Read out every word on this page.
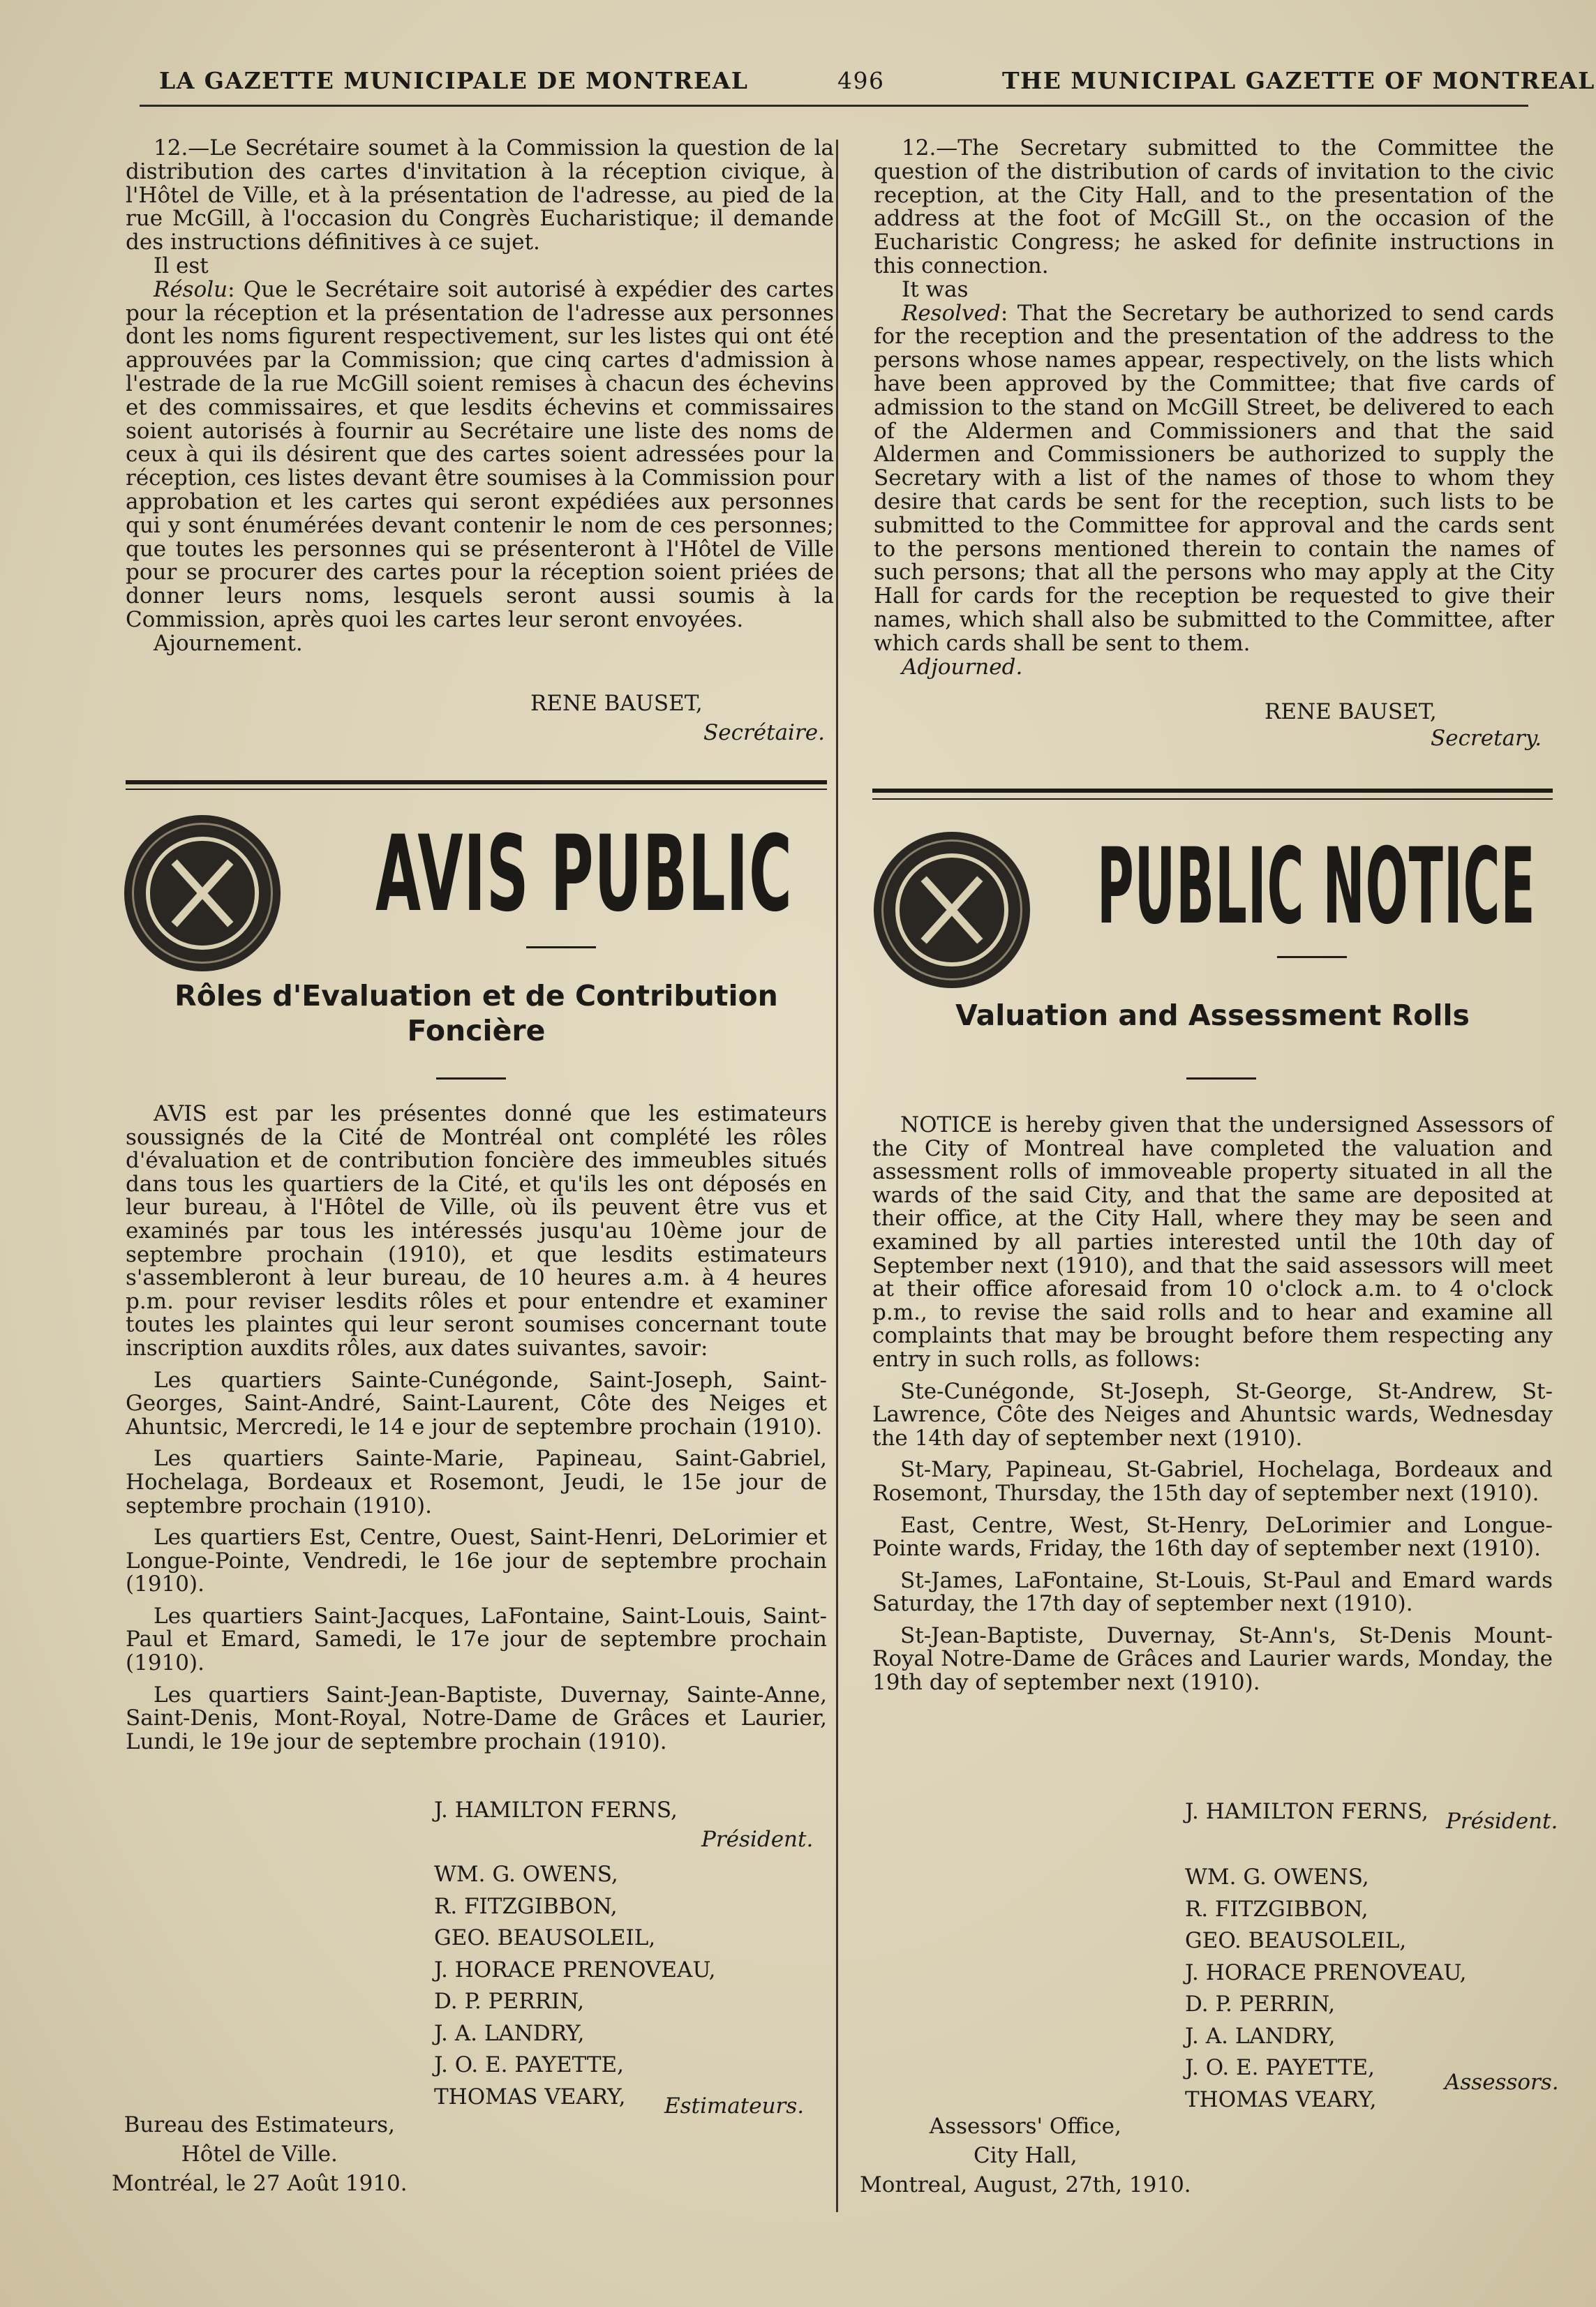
LA GAZETTE MUNICIPALE DE MONTREAL	496	THE MUNICIPAL GAZETTE OF MONTREAL

12.—Le Secrétaire soumet à la Commission la question de la distribution des cartes d'invitation à la réception civique, à l'Hôtel de Ville, et à la présentation de l'adresse, au pied de la rue McGill, à l'occasion du Congrès Eucharistique; il demande des instructions définitives à ce sujet.

Il est

Résolu: Que le Secrétaire soit autorisé à expédier des cartes pour la réception et la présentation de l'adresse aux personnes dont les noms figurent respectivement, sur les listes qui ont été approuvées par la Commission; que cinq cartes d'admission à l'estrade de la rue McGill soient remises à chacun des échevins et des commissaires, et que lesdits échevins et commissaires soient autorisés à fournir au Secrétaire une liste des noms de ceux à qui ils désirent que des cartes soient adressées pour la réception, ces listes devant être soumises à la Commission pour approbation et les cartes qui seront expédiées aux personnes qui y sont énumérées devant contenir le nom de ces personnes; que toutes les personnes qui se présenteront à l'Hôtel de Ville pour se procurer des cartes pour la réception soient priées de donner leurs noms, lesquels seront aussi soumis à la Commission, après quoi les cartes leur seront envoyées.

Ajournement.

RENE BAUSET,
Secrétaire.

12.—The Secretary submitted to the Committee the question of the distribution of cards of invitation to the civic reception, at the City Hall, and to the presentation of the address at the foot of McGill St., on the occasion of the Eucharistic Congress; he asked for definite instructions in this connection.

It was

Resolved: That the Secretary be authorized to send cards for the reception and the presentation of the address to the persons whose names appear, respectively, on the lists which have been approved by the Committee; that five cards of admission to the stand on McGill Street, be delivered to each of the Aldermen and Commissioners and that the said Aldermen and Commissioners be authorized to supply the Secretary with a list of the names of those to whom they desire that cards be sent for the reception, such lists to be submitted to the Committee for approval and the cards sent to the persons mentioned therein to contain the names of such persons; that all the persons who may apply at the City Hall for cards for the reception be requested to give their names, which shall also be submitted to the Committee, after which cards shall be sent to them.

Adjourned.

RENE BAUSET,
Secretary.
AVIS PUBLIC
Rôles d'Evaluation et de Contribution Foncière
PUBLIC NOTICE
Valuation and Assessment Rolls

AVIS est par les présentes donné que les estimateurs soussignés de la Cité de Montréal ont complété les rôles d'évaluation et de contribution foncière des immeubles situés dans tous les quartiers de la Cité, et qu'ils les ont déposés en leur bureau, à l'Hôtel de Ville, où ils peuvent être vus et examinés par tous les intéressés jusqu'au 10ème jour de septembre prochain (1910), et que lesdits estimateurs s'assembleront à leur bureau, de 10 heures a.m. à 4 heures p.m. pour reviser lesdits rôles et pour entendre et examiner toutes les plaintes qui leur seront soumises concernant toute inscription auxdits rôles, aux dates suivantes, savoir:

Les quartiers Sainte-Cunégonde, Saint-Joseph, Saint-Georges, Saint-André, Saint-Laurent, Côte des Neiges et Ahuntsic, Mercredi, le 14 e jour de septembre prochain (1910).

Les quartiers Sainte-Marie, Papineau, Saint-Gabriel, Hochelaga, Bordeaux et Rosemont, Jeudi, le 15e jour de septembre prochain (1910).

Les quartiers Est, Centre, Ouest, Saint-Henri, DeLorimier et Longue-Pointe, Vendredi, le 16e jour de septembre prochain (1910).

Les quartiers Saint-Jacques, LaFontaine, Saint-Louis, Saint-Paul et Emard, Samedi, le 17e jour de septembre prochain (1910).

Les quartiers Saint-Jean-Baptiste, Duvernay, Sainte-Anne, Saint-Denis, Mont-Royal, Notre-Dame de Grâces et Laurier, Lundi, le 19e jour de septembre prochain (1910).

NOTICE is hereby given that the undersigned Assessors of the City of Montreal have completed the valuation and assessment rolls of immoveable property situated in all the wards of the said City, and that the same are deposited at their office, at the City Hall, where they may be seen and examined by all parties interested until the 10th day of September next (1910), and that the said assessors will meet at their office aforesaid from 10 o'clock a.m. to 4 o'clock p.m., to revise the said rolls and to hear and examine all complaints that may be brought before them respecting any entry in such rolls, as follows:

Ste-Cunégonde, St-Joseph, St-George, St-Andrew, St-Lawrence, Côte des Neiges and Ahuntsic wards, Wednesday the 14th day of september next (1910).

St-Mary, Papineau, St-Gabriel, Hochelaga, Bordeaux and Rosemont, Thursday, the 15th day of september next (1910).

East, Centre, West, St-Henry, DeLorimier and Longue-Pointe wards, Friday, the 16th day of september next (1910).

St-James, LaFontaine, St-Louis, St-Paul and Emard wards Saturday, the 17th day of september next (1910).

St-Jean-Baptiste, Duvernay, St-Ann's, St-Denis Mount-Royal Notre-Dame de Grâces and Laurier wards, Monday, the 19th day of september next (1910).

J. HAMILTON FERNS,
Président.
WM. G. OWENS,
R. FITZGIBBON,
GEO. BEAUSOLEIL,
J. HORACE PRENOVEAU,
D. P. PERRIN,
J. A. LANDRY,
J. O. E. PAYETTE,
THOMAS VEARY,	Estimateurs.
Bureau des Estimateurs,
Hôtel de Ville.
Montréal, le 27 Août 1910.
J. HAMILTON FERNS, Président.
WM. G. OWENS,
R. FITZGIBBON,
GEO. BEAUSOLEIL,
J. HORACE PRENOVEAU,
D. P. PERRIN,
J. A. LANDRY,
J. O. E. PAYETTE,
THOMAS VEARY,
Assessors.
Assessors' Office,
City Hall,
Montreal, August, 27th, 1910.
